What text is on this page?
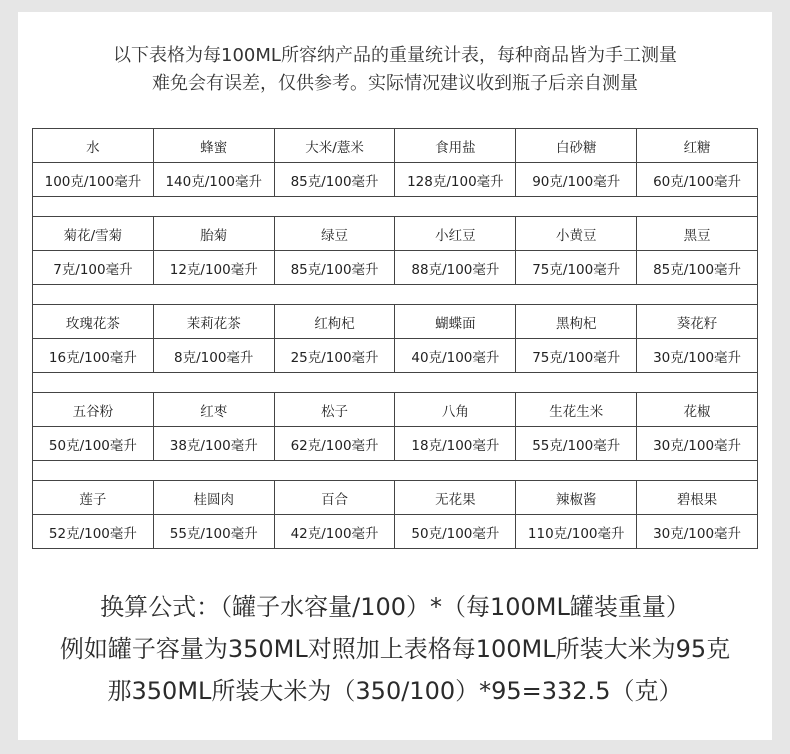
以下表格为每100ML所容纳产品的重量统计表，每种商品皆为手工测量
难免会有误差，仅供参考。实际情况建议收到瓶子后亲自测量
水	蜂蜜	大米/薏米	食用盐	白砂糖	红糖
100克/100毫升	140克/100毫升	85克/100毫升	128克/100毫升	90克/100毫升	60克/100毫升

菊花/雪菊	胎菊	绿豆	小红豆	小黄豆	黑豆
7克/100毫升	12克/100毫升	85克/100毫升	88克/100毫升	75克/100毫升	85克/100毫升

玫瑰花茶	茉莉花茶	红枸杞	蝴蝶面	黑枸杞	葵花籽
16克/100毫升	8克/100毫升	25克/100毫升	40克/100毫升	75克/100毫升	30克/100毫升

五谷粉	红枣	松子	八角	生花生米	花椒
50克/100毫升	38克/100毫升	62克/100毫升	18克/100毫升	55克/100毫升	30克/100毫升

莲子	桂圆肉	百合	无花果	辣椒酱	碧根果
52克/100毫升	55克/100毫升	42克/100毫升	50克/100毫升	110克/100毫升	30克/100毫升
换算公式：（罐子水容量/100）*（每100ML罐装重量）
例如罐子容量为350ML对照加上表格每100ML所装大米为95克
那350ML所装大米为（350/100）*95=332.5（克）
